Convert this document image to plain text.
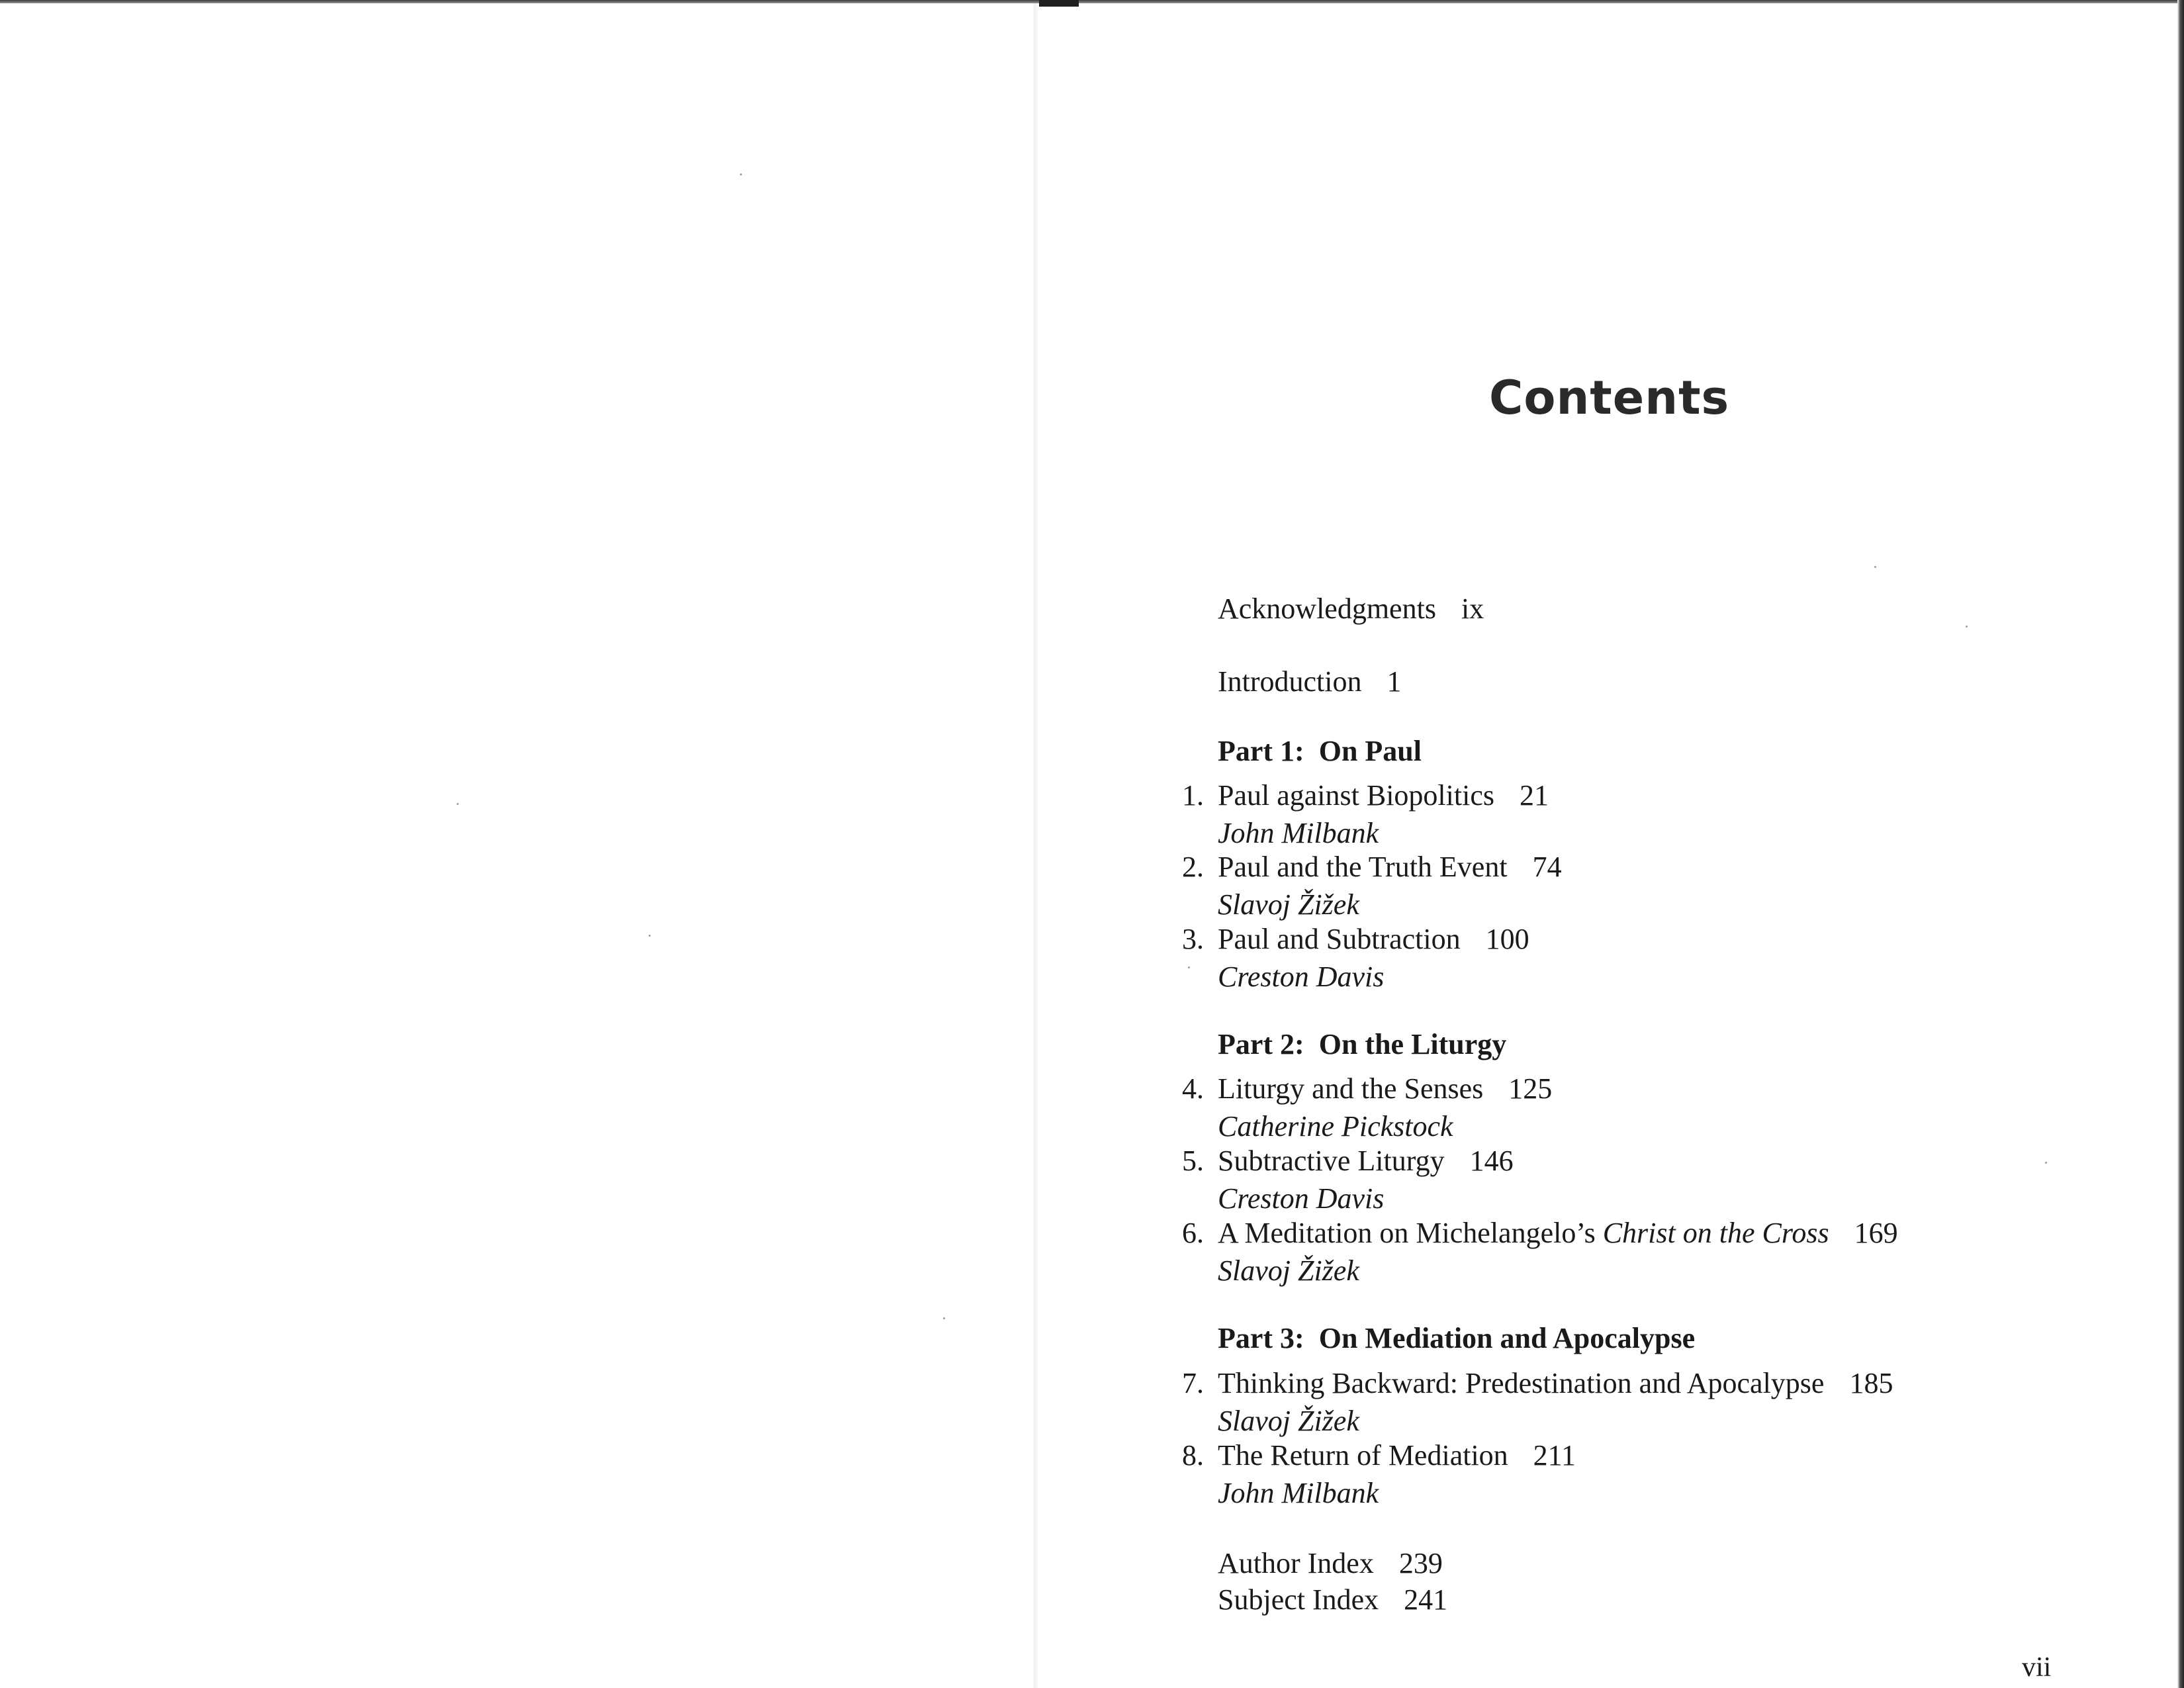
Contents
Acknowledgments ix
Introduction 1
Part 1: On Paul
1. Paul against Biopolitics 21
John Milbank
2. Paul and the Truth Event 74
Slavoj Žižek
3. Paul and Subtraction 100
Creston Davis
Part 2: On the Liturgy
4. Liturgy and the Senses 125
Catherine Pickstock
5. Subtractive Liturgy 146
Creston Davis
6. A Meditation on Michelangelo’s Christ on the Cross 169
Slavoj Žižek
Part 3: On Mediation and Apocalypse
7. Thinking Backward: Predestination and Apocalypse 185
Slavoj Žižek
8. The Return of Mediation 211
John Milbank
Author Index 239
Subject Index 241
vii
